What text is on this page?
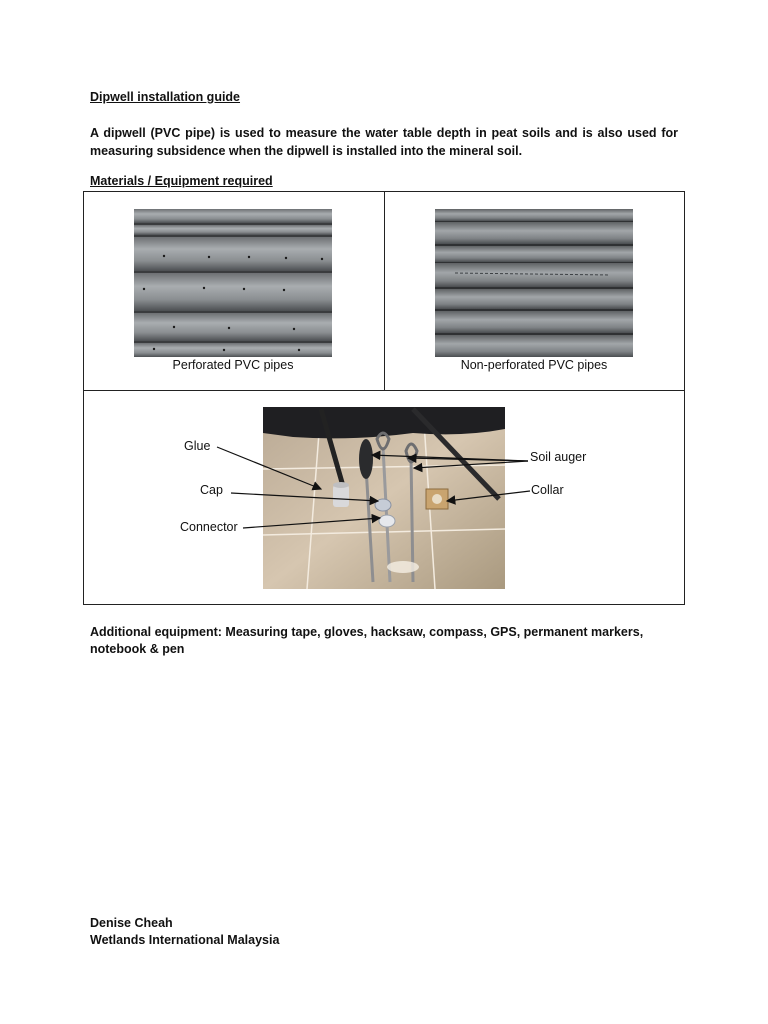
Dipwell installation guide
A dipwell (PVC pipe) is used to measure the water table depth in peat soils and is also used for measuring subsidence when the dipwell is installed into the mineral soil.
Materials / Equipment required
Perforated PVC pipes	Non-perforated PVC pipes
Glue
Cap
Connector
Soil auger
Collar
Additional equipment: Measuring tape, gloves, hacksaw, compass, GPS, permanent markers, notebook & pen
Denise Cheah
Wetlands International Malaysia
